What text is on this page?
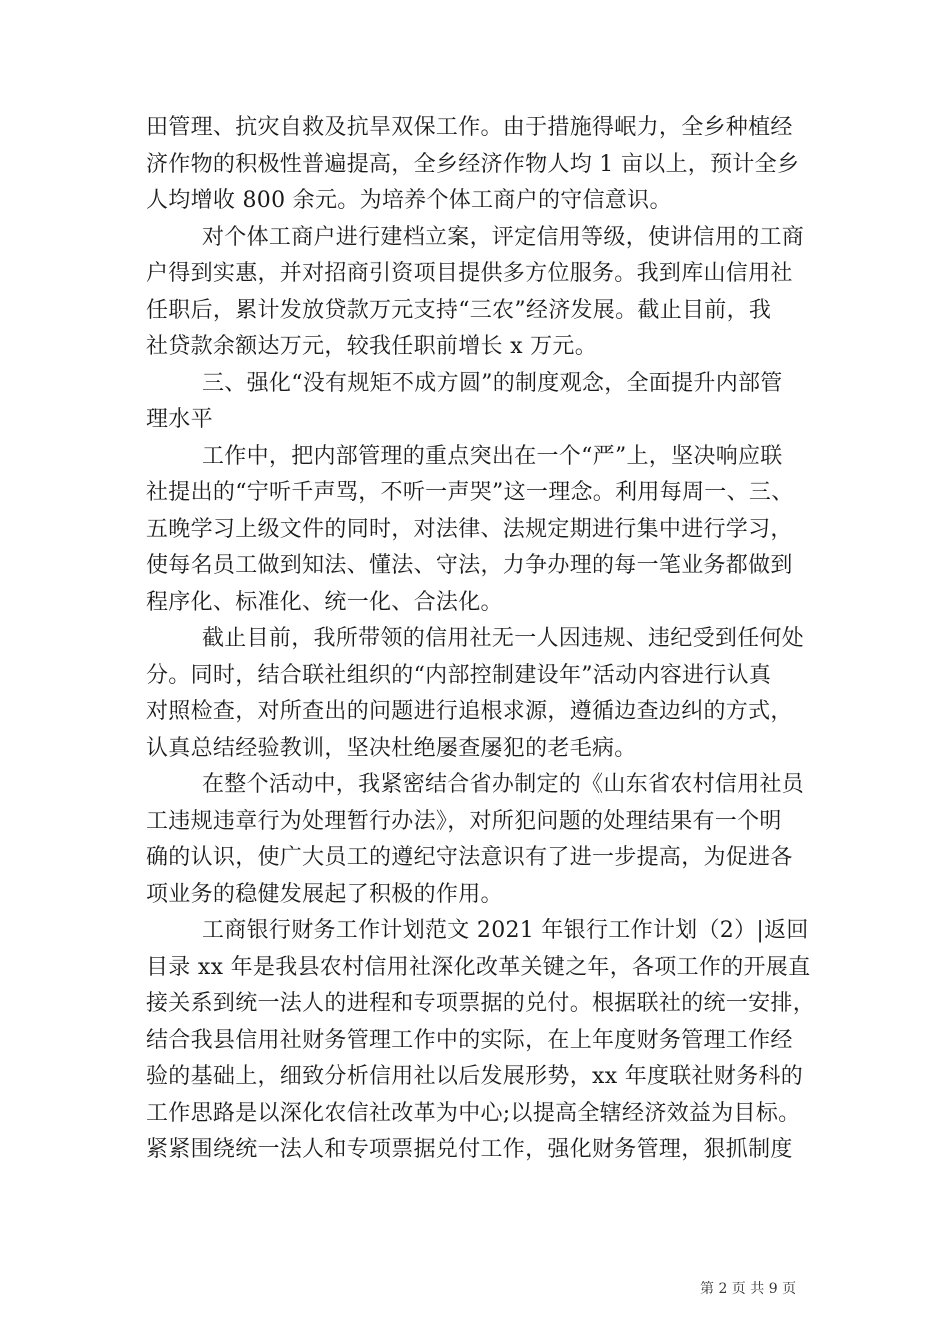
田管理、抗灾自救及抗旱双保工作。由于措施得岷力，全乡种植经
济作物的积极性普遍提高，全乡经济作物人均 1 亩以上，预计全乡
人均增收 800 余元。为培养个体工商户的守信意识。
对个体工商户进行建档立案，评定信用等级，使讲信用的工商
户得到实惠，并对招商引资项目提供多方位服务。我到库山信用社
任职后，累计发放贷款万元支持“三农”经济发展。截止目前，我
社贷款余额达万元，较我任职前增长 x 万元。
三、强化“没有规矩不成方圆”的制度观念，全面提升内部管
理水平
工作中，把内部管理的重点突出在一个“严”上，坚决响应联
社提出的“宁听千声骂，不听一声哭”这一理念。利用每周一、三、
五晚学习上级文件的同时，对法律、法规定期进行集中进行学习，
使每名员工做到知法、懂法、守法，力争办理的每一笔业务都做到
程序化、标准化、统一化、合法化。
截止目前，我所带领的信用社无一人因违规、违纪受到任何处
分。同时，结合联社组织的“内部控制建设年”活动内容进行认真
对照检查，对所查出的问题进行追根求源，遵循边查边纠的方式，
认真总结经验教训，坚决杜绝屡查屡犯的老毛病。
在整个活动中，我紧密结合省办制定的《山东省农村信用社员
工违规违章行为处理暂行办法》，对所犯问题的处理结果有一个明
确的认识，使广大员工的遵纪守法意识有了进一步提高，为促进各
项业务的稳健发展起了积极的作用。
工商银行财务工作计划范文 2021 年银行工作计划（2）|返回
目录 xx 年是我县农村信用社深化改革关键之年，各项工作的开展直
接关系到统一法人的进程和专项票据的兑付。根据联社的统一安排，
结合我县信用社财务管理工作中的实际，在上年度财务管理工作经
验的基础上，细致分析信用社以后发展形势，xx 年度联社财务科的
工作思路是以深化农信社改革为中心;以提高全辖经济效益为目标。
紧紧围绕统一法人和专项票据兑付工作，强化财务管理，狠抓制度
第 2 页 共 9 页
